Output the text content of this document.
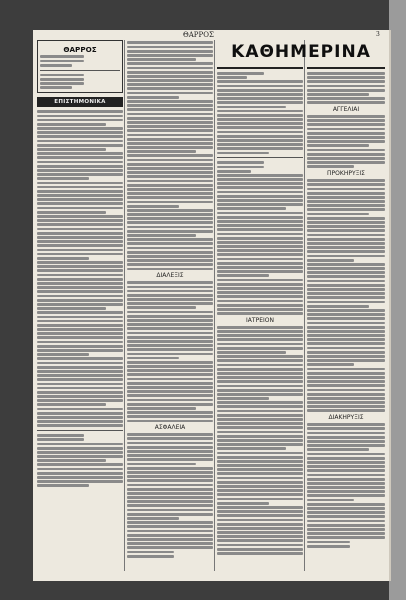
ΘΑΡΡΟΣ	3
ΘΑΡΡΟΣ
ΕΠΙΣΤΗΜΟΝΙΚΑ
ΔΙΑΛΕΞΙΣ
ΑΣΦΑΛΕΙΑ
ΙΑΤΡΕΙΟΝ
ΚΑΘΗΜΕΡΙΝΑ
ΑΓΓΕΛΙΑΙ
ΠΡΟΚΗΡΥΞΙΣ
ΔΙΑΚΗΡΥΞΙΣ
